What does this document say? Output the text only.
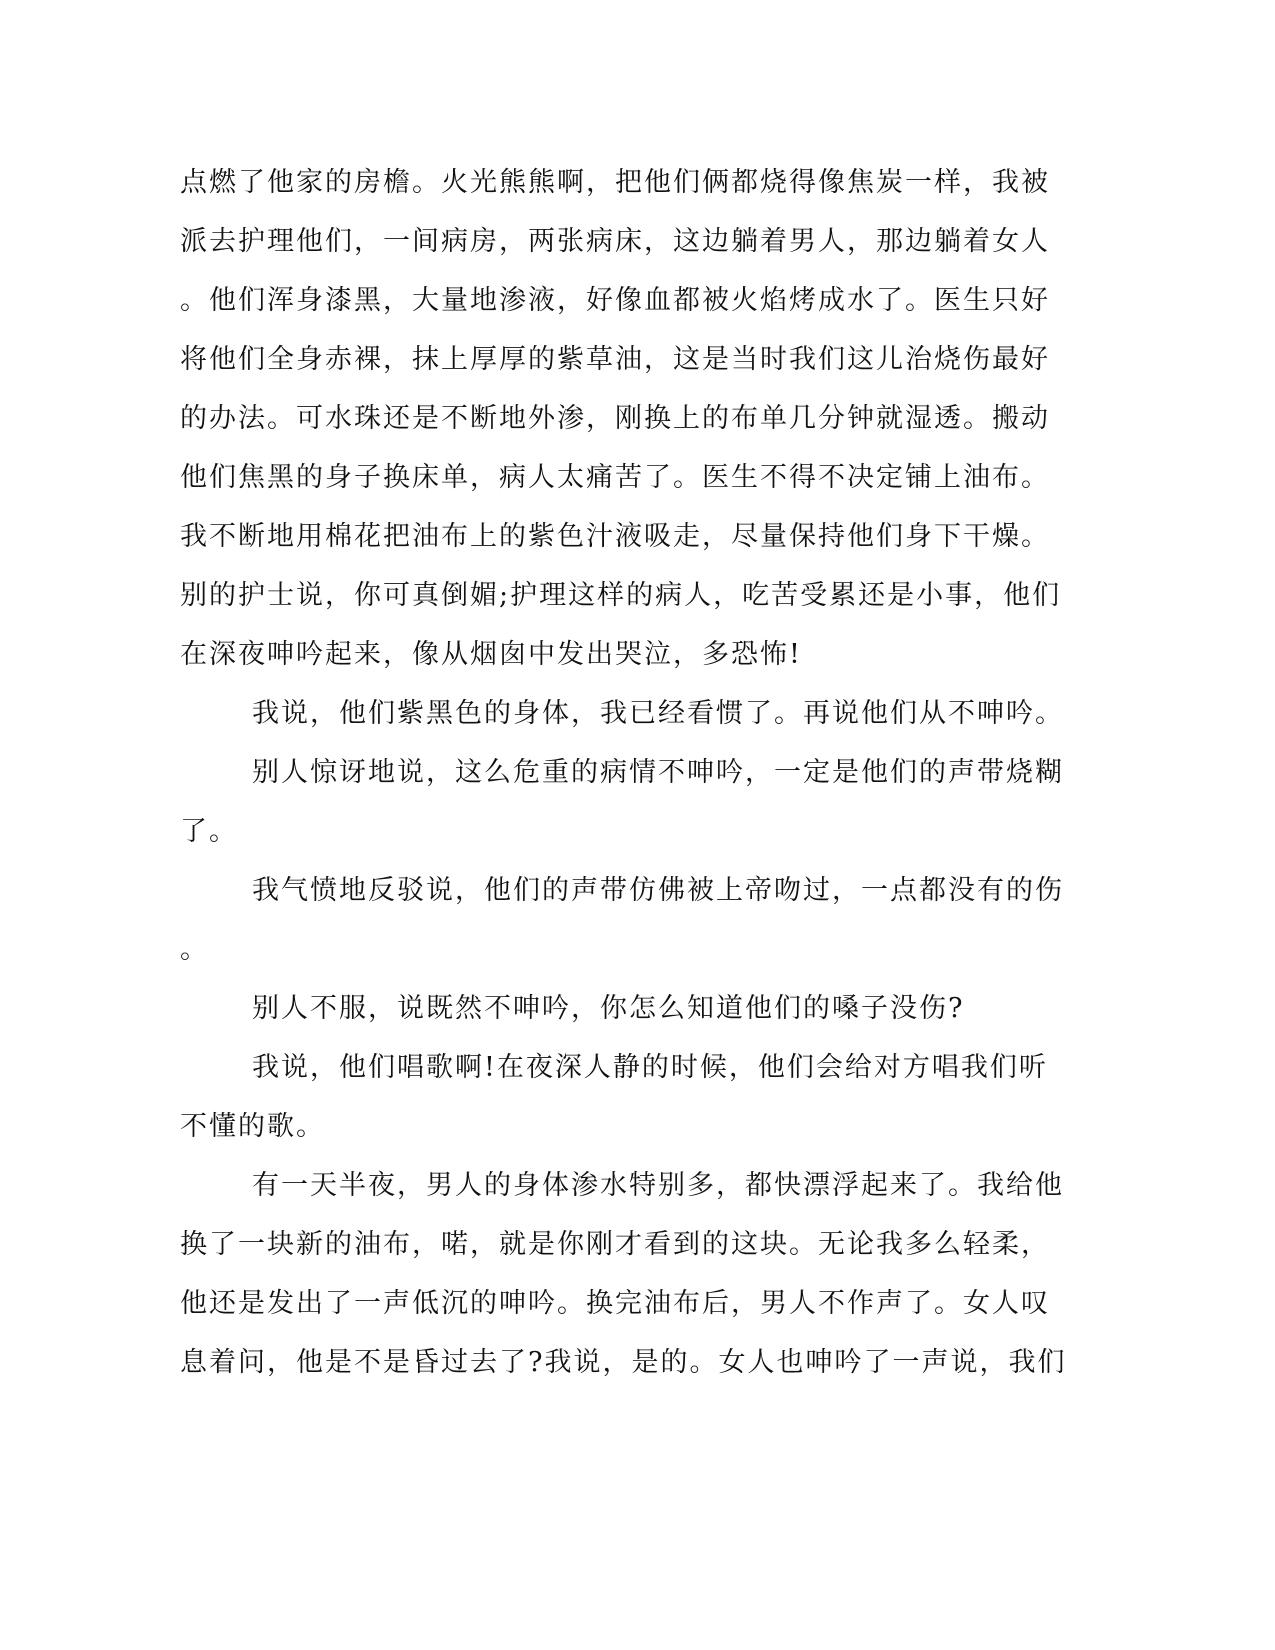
点燃了他家的房檐。火光熊熊啊，把他们俩都烧得像焦炭一样，我被
派去护理他们，一间病房，两张病床，这边躺着男人，那边躺着女人
。他们浑身漆黑，大量地渗液，好像血都被火焰烤成水了。医生只好
将他们全身赤裸，抹上厚厚的紫草油，这是当时我们这儿治烧伤最好
的办法。可水珠还是不断地外渗，刚换上的布单几分钟就湿透。搬动
他们焦黑的身子换床单，病人太痛苦了。医生不得不决定铺上油布。
我不断地用棉花把油布上的紫色汁液吸走，尽量保持他们身下干燥。
别的护士说，你可真倒媚;护理这样的病人，吃苦受累还是小事，他们
在深夜呻吟起来，像从烟囱中发出哭泣，多恐怖!
我说，他们紫黑色的身体，我已经看惯了。再说他们从不呻吟。
别人惊讶地说，这么危重的病情不呻吟，一定是他们的声带烧糊
了。
我气愤地反驳说，他们的声带仿佛被上帝吻过，一点都没有的伤
。
别人不服，说既然不呻吟，你怎么知道他们的嗓子没伤?
我说，他们唱歌啊!在夜深人静的时候，他们会给对方唱我们听
不懂的歌。
有一天半夜，男人的身体渗水特别多，都快漂浮起来了。我给他
换了一块新的油布，喏，就是你刚才看到的这块。无论我多么轻柔，
他还是发出了一声低沉的呻吟。换完油布后，男人不作声了。女人叹
息着问，他是不是昏过去了?我说，是的。女人也呻吟了一声说，我们
